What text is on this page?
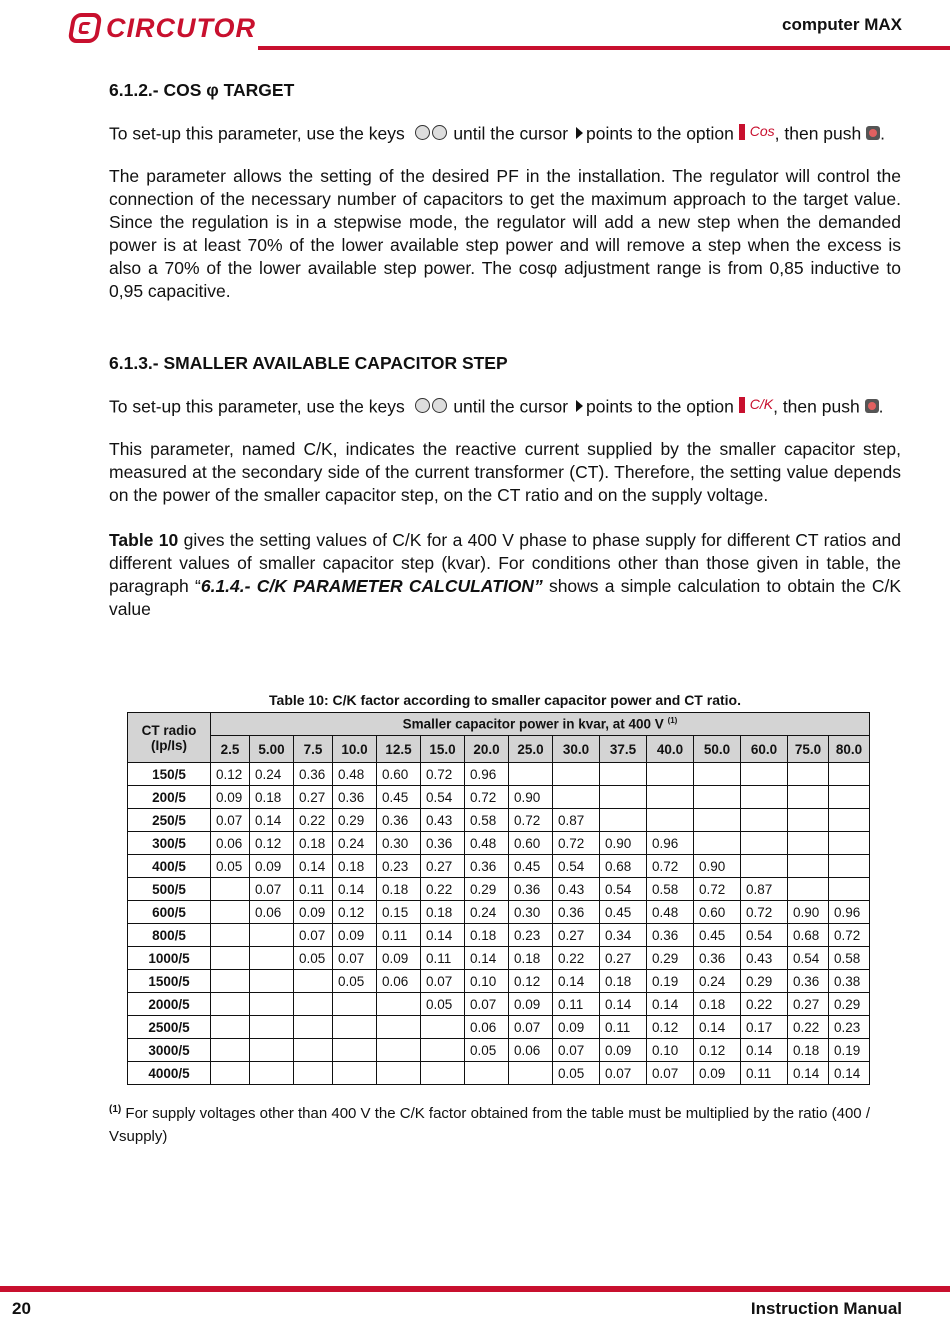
CIRCUTOR	computer MAX
6.1.2.- COS φ TARGET

To set-up this parameter, use the keys	until the cursor points to the option Cos , then push .

The parameter allows the setting of the desired PF in the installation. The regulator will control the connection of the necessary number of capacitors to get the maximum approach to the target value. Since the regulation is in a stepwise mode, the regulator will add a new step when the demanded power is at least 70% of the lower available step power and will remove a step when the excess is also a 70% of the lower available step power. The cosφ adjustment range is from 0,85 inductive to 0,95 capacitive.

6.1.3.- SMALLER AVAILABLE CAPACITOR STEP

To set-up this parameter, use the keys	until the cursor points to the option C/K , then push .

This parameter, named C/K, indicates the reactive current supplied by the smaller capacitor step, measured at the secondary side of the current transformer (CT). Therefore, the setting value depends on the power of the smaller capacitor step, on the CT ratio and on the supply voltage.

Table 10 gives the setting values of C/K for a 400 V phase to phase supply for different CT ratios and different values of smaller capacitor step (kvar). For conditions other than those given in table, the paragraph “6.1.4.- C/K PARAMETER CALCULATION” shows a simple calculation to obtain the C/K value

Table 10: C/K factor according to smaller capacitor power and CT ratio.
CT radio
(Ip/Is)	Smaller capacitor power in kvar, at 400 V $^{(1)}$
	2.5	5.00	7.5	10.0	12.5	15.0	20.0	25.0	30.0	37.5	40.0	50.0	60.0	75.0	80.0
150/5	0.12	0.24	0.36	0.48	0.60	0.72	0.96								
200/5	0.09	0.18	0.27	0.36	0.45	0.54	0.72	0.90							
250/5	0.07	0.14	0.22	0.29	0.36	0.43	0.58	0.72	0.87						
300/5	0.06	0.12	0.18	0.24	0.30	0.36	0.48	0.60	0.72	0.90	0.96				
400/5	0.05	0.09	0.14	0.18	0.23	0.27	0.36	0.45	0.54	0.68	0.72	0.90			
500/5		0.07	0.11	0.14	0.18	0.22	0.29	0.36	0.43	0.54	0.58	0.72	0.87		
600/5		0.06	0.09	0.12	0.15	0.18	0.24	0.30	0.36	0.45	0.48	0.60	0.72	0.90	0.96
800/5			0.07	0.09	0.11	0.14	0.18	0.23	0.27	0.34	0.36	0.45	0.54	0.68	0.72
1000/5			0.05	0.07	0.09	0.11	0.14	0.18	0.22	0.27	0.29	0.36	0.43	0.54	0.58
1500/5				0.05	0.06	0.07	0.10	0.12	0.14	0.18	0.19	0.24	0.29	0.36	0.38
2000/5						0.05	0.07	0.09	0.11	0.14	0.14	0.18	0.22	0.27	0.29
2500/5							0.06	0.07	0.09	0.11	0.12	0.14	0.17	0.22	0.23
3000/5							0.05	0.06	0.07	0.09	0.10	0.12	0.14	0.18	0.19
4000/5									0.05	0.07	0.07	0.09	0.11	0.14	0.14
$^{(1)}$ For supply voltages other than 400 V the C/K factor obtained from the table must be multiplied by the ratio (400 / Vsupply)
20	Instruction Manual
